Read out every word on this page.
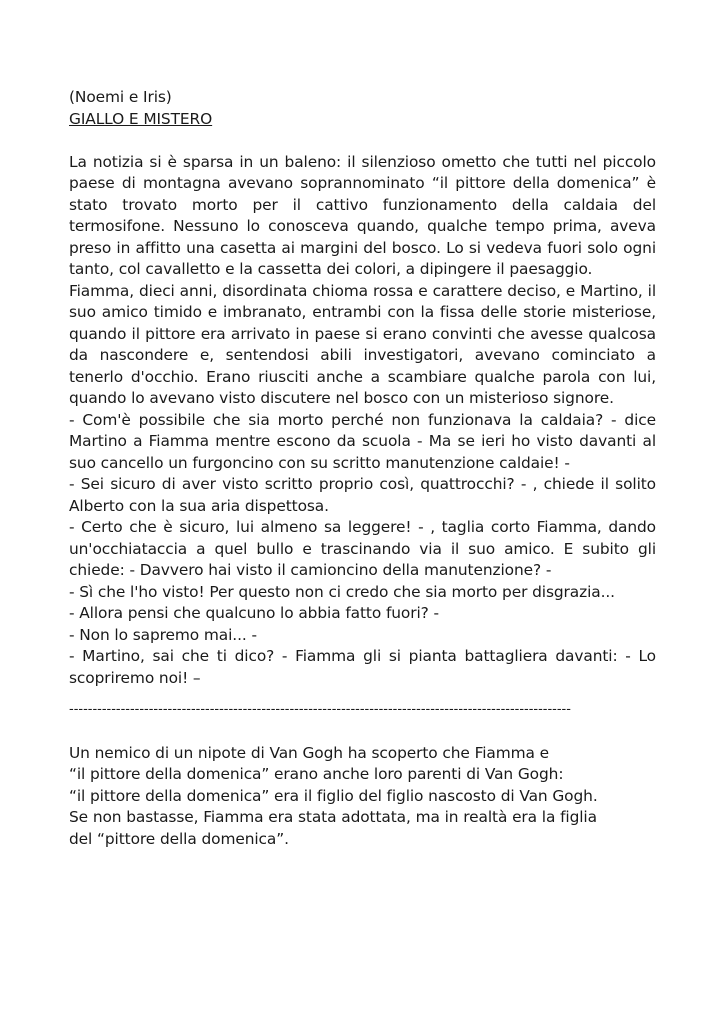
(Noemi e Iris)
GIALLO E MISTERO

La notizia si è sparsa in un baleno: il silenzioso ometto che tutti nel piccolo paese di montagna avevano soprannominato “il pittore della domenica” è stato trovato morto per il cattivo funzionamento della caldaia del termosifone. Nessuno lo conosceva quando, qualche tempo prima, aveva preso in affitto una casetta ai margini del bosco. Lo si vedeva fuori solo ogni tanto, col cavalletto e la cassetta dei colori, a dipingere il paesaggio.

Fiamma, dieci anni, disordinata chioma rossa e carattere deciso, e Martino, il suo amico timido e imbranato, entrambi con la fissa delle storie misteriose, quando il pittore era arrivato in paese si erano convinti che avesse qualcosa da nascondere e, sentendosi abili investigatori, avevano cominciato a tenerlo d'occhio. Erano riusciti anche a scambiare qualche parola con lui, quando lo avevano visto discutere nel bosco con un misterioso signore.

- Com'è possibile che sia morto perché non funzionava la caldaia? - dice Martino a Fiamma mentre escono da scuola - Ma se ieri ho visto davanti al suo cancello un furgoncino con su scritto manutenzione caldaie! -

- Sei sicuro di aver visto scritto proprio così, quattrocchi? - , chiede il solito Alberto con la sua aria dispettosa.

- Certo che è sicuro, lui almeno sa leggere! - , taglia corto Fiamma, dando un'occhiataccia a quel bullo e trascinando via il suo amico. E subito gli chiede: - Davvero hai visto il camioncino della manutenzione? -

- Sì che l'ho visto! Per questo non ci credo che sia morto per disgrazia...

- Allora pensi che qualcuno lo abbia fatto fuori? -

- Non lo sapremo mai... -

- Martino, sai che ti dico? - Fiamma gli si pianta battagliera davanti: - Lo scopriremo noi! –

-----------------------------------------------------------------------------------------------------------

Un nemico di un nipote di Van Gogh ha scoperto che Fiamma e

“il pittore della domenica” erano anche loro parenti di Van Gogh:

“il pittore della domenica” era il figlio del figlio nascosto di Van Gogh.

Se non bastasse, Fiamma era stata adottata, ma in realtà era la figlia

del “pittore della domenica”.
